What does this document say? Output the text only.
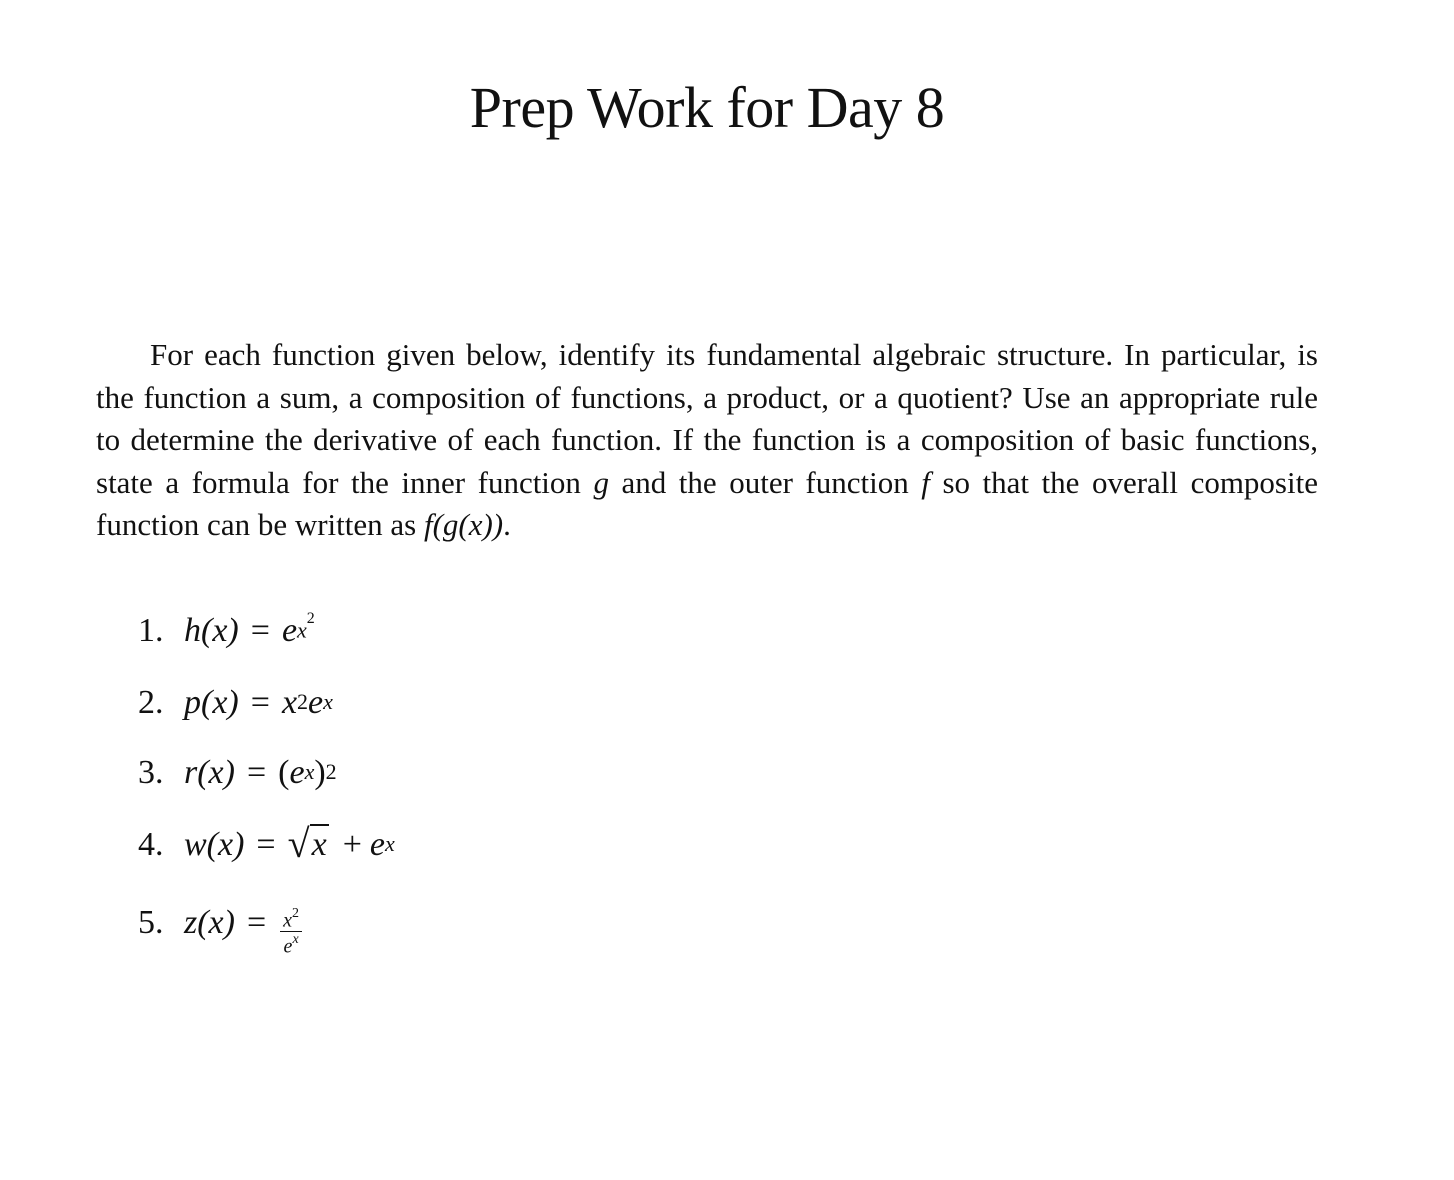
Prep Work for Day 8

For each function given below, identify its fundamental algebraic structure. In particular, is the function a sum, a composition of functions, a product, or a quotient? Use an appropriate rule to determine the derivative of each function. If the function is a composition of basic functions, state a formula for the inner function g and the outer function f so that the overall composite function can be written as f(g(x)).

1. h(x) = e $^{x^2}$
2. $p(x) = x^2$ $e^x$
3. r(x) = ( $e^x$ )$^2$
4. w(x) = √ $x + e^x$
5. $z(x) = \frac{x^2}{e^x}$
